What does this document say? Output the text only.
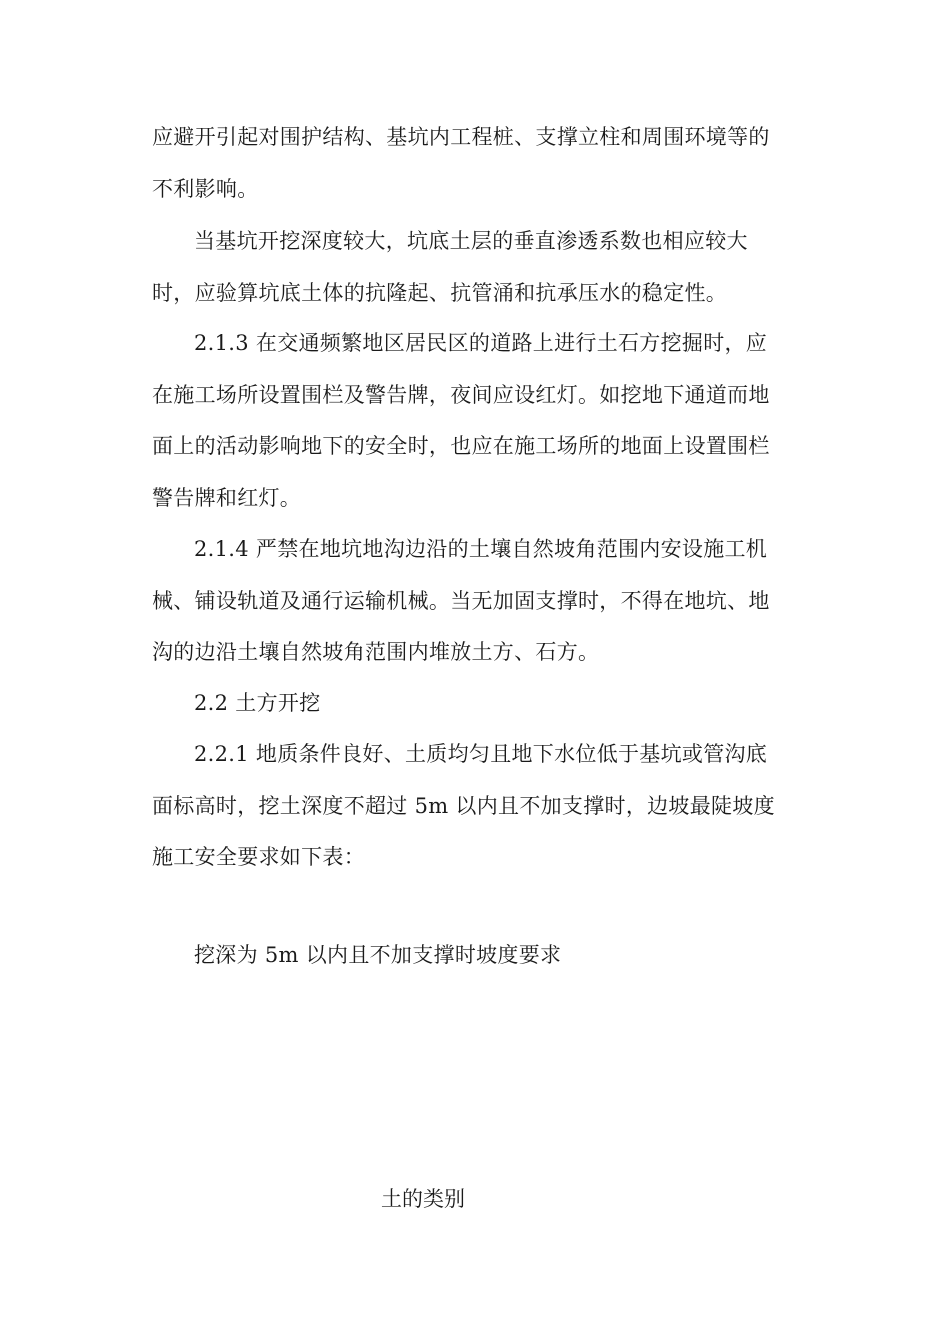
应避开引起对围护结构、基坑内工程桩、支撑立柱和周围环境等的
不利影响。
当基坑开挖深度较大，坑底土层的垂直渗透系数也相应较大
时，应验算坑底土体的抗隆起、抗管涌和抗承压水的稳定性。
2.1.3 在交通频繁地区居民区的道路上进行土石方挖掘时，应
在施工场所设置围栏及警告牌，夜间应设红灯。如挖地下通道而地
面上的活动影响地下的安全时，也应在施工场所的地面上设置围栏
警告牌和红灯。
2.1.4 严禁在地坑地沟边沿的土壤自然坡角范围内安设施工机
械、铺设轨道及通行运输机械。当无加固支撑时，不得在地坑、地
沟的边沿土壤自然坡角范围内堆放土方、石方。
2.2 土方开挖
2.2.1 地质条件良好、土质均匀且地下水位低于基坑或管沟底
面标高时，挖土深度不超过 5m 以内且不加支撑时，边坡最陡坡度
施工安全要求如下表：
挖深为 5m 以内且不加支撑时坡度要求
土的类别
